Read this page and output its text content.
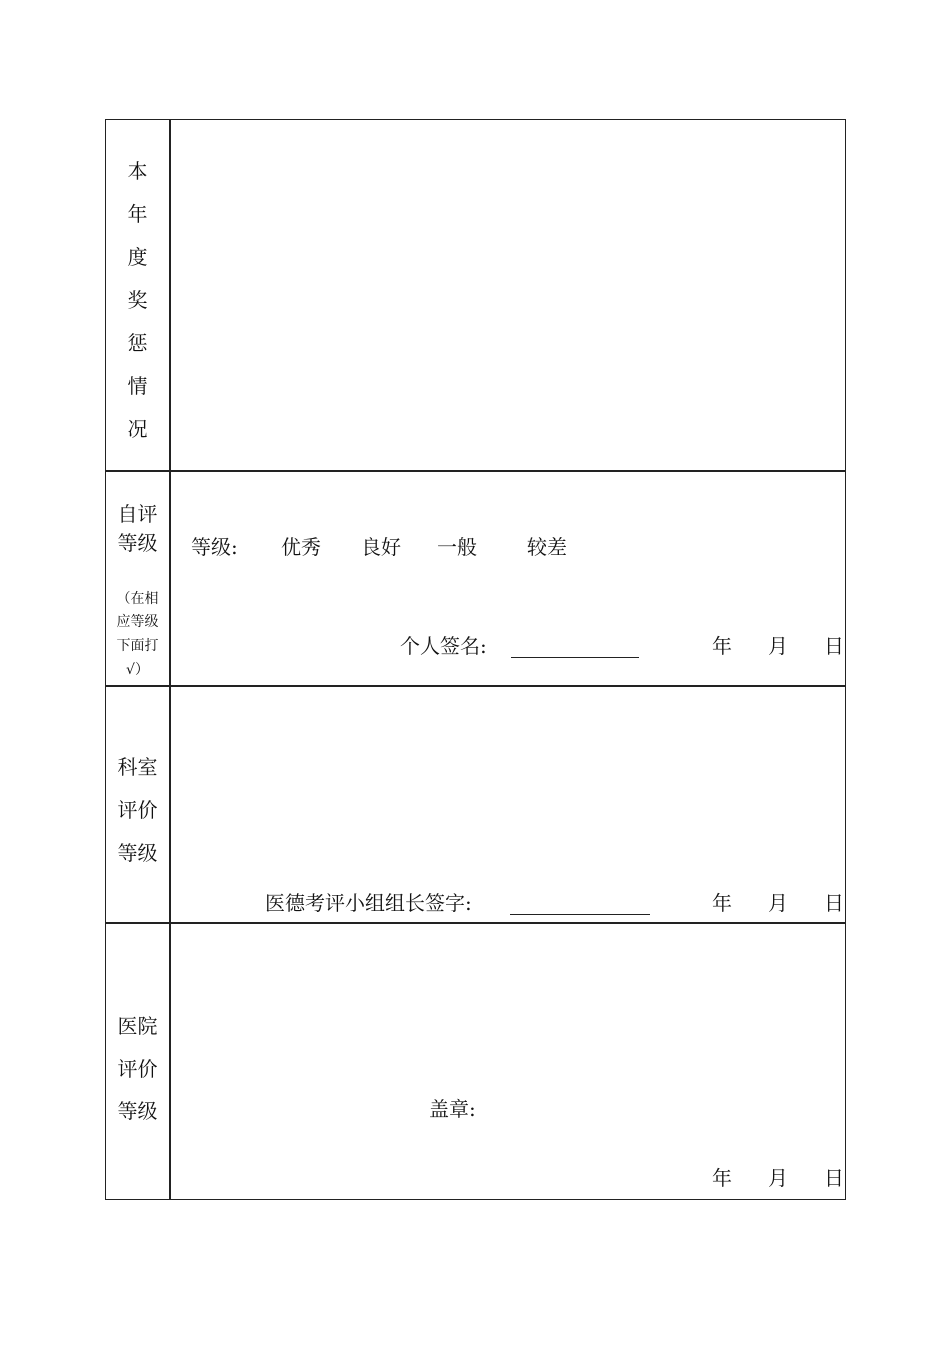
本
年
度
奖
惩
情
况
自评
等级
（在相
应等级
下面打
√）
等级: 优秀 良好 一般	较差
个人签名:	年 月 日
科室
评价
等级
医德考评小组组长签字:	年 月 日
医院
评价
等级	盖章:
年 月 日
